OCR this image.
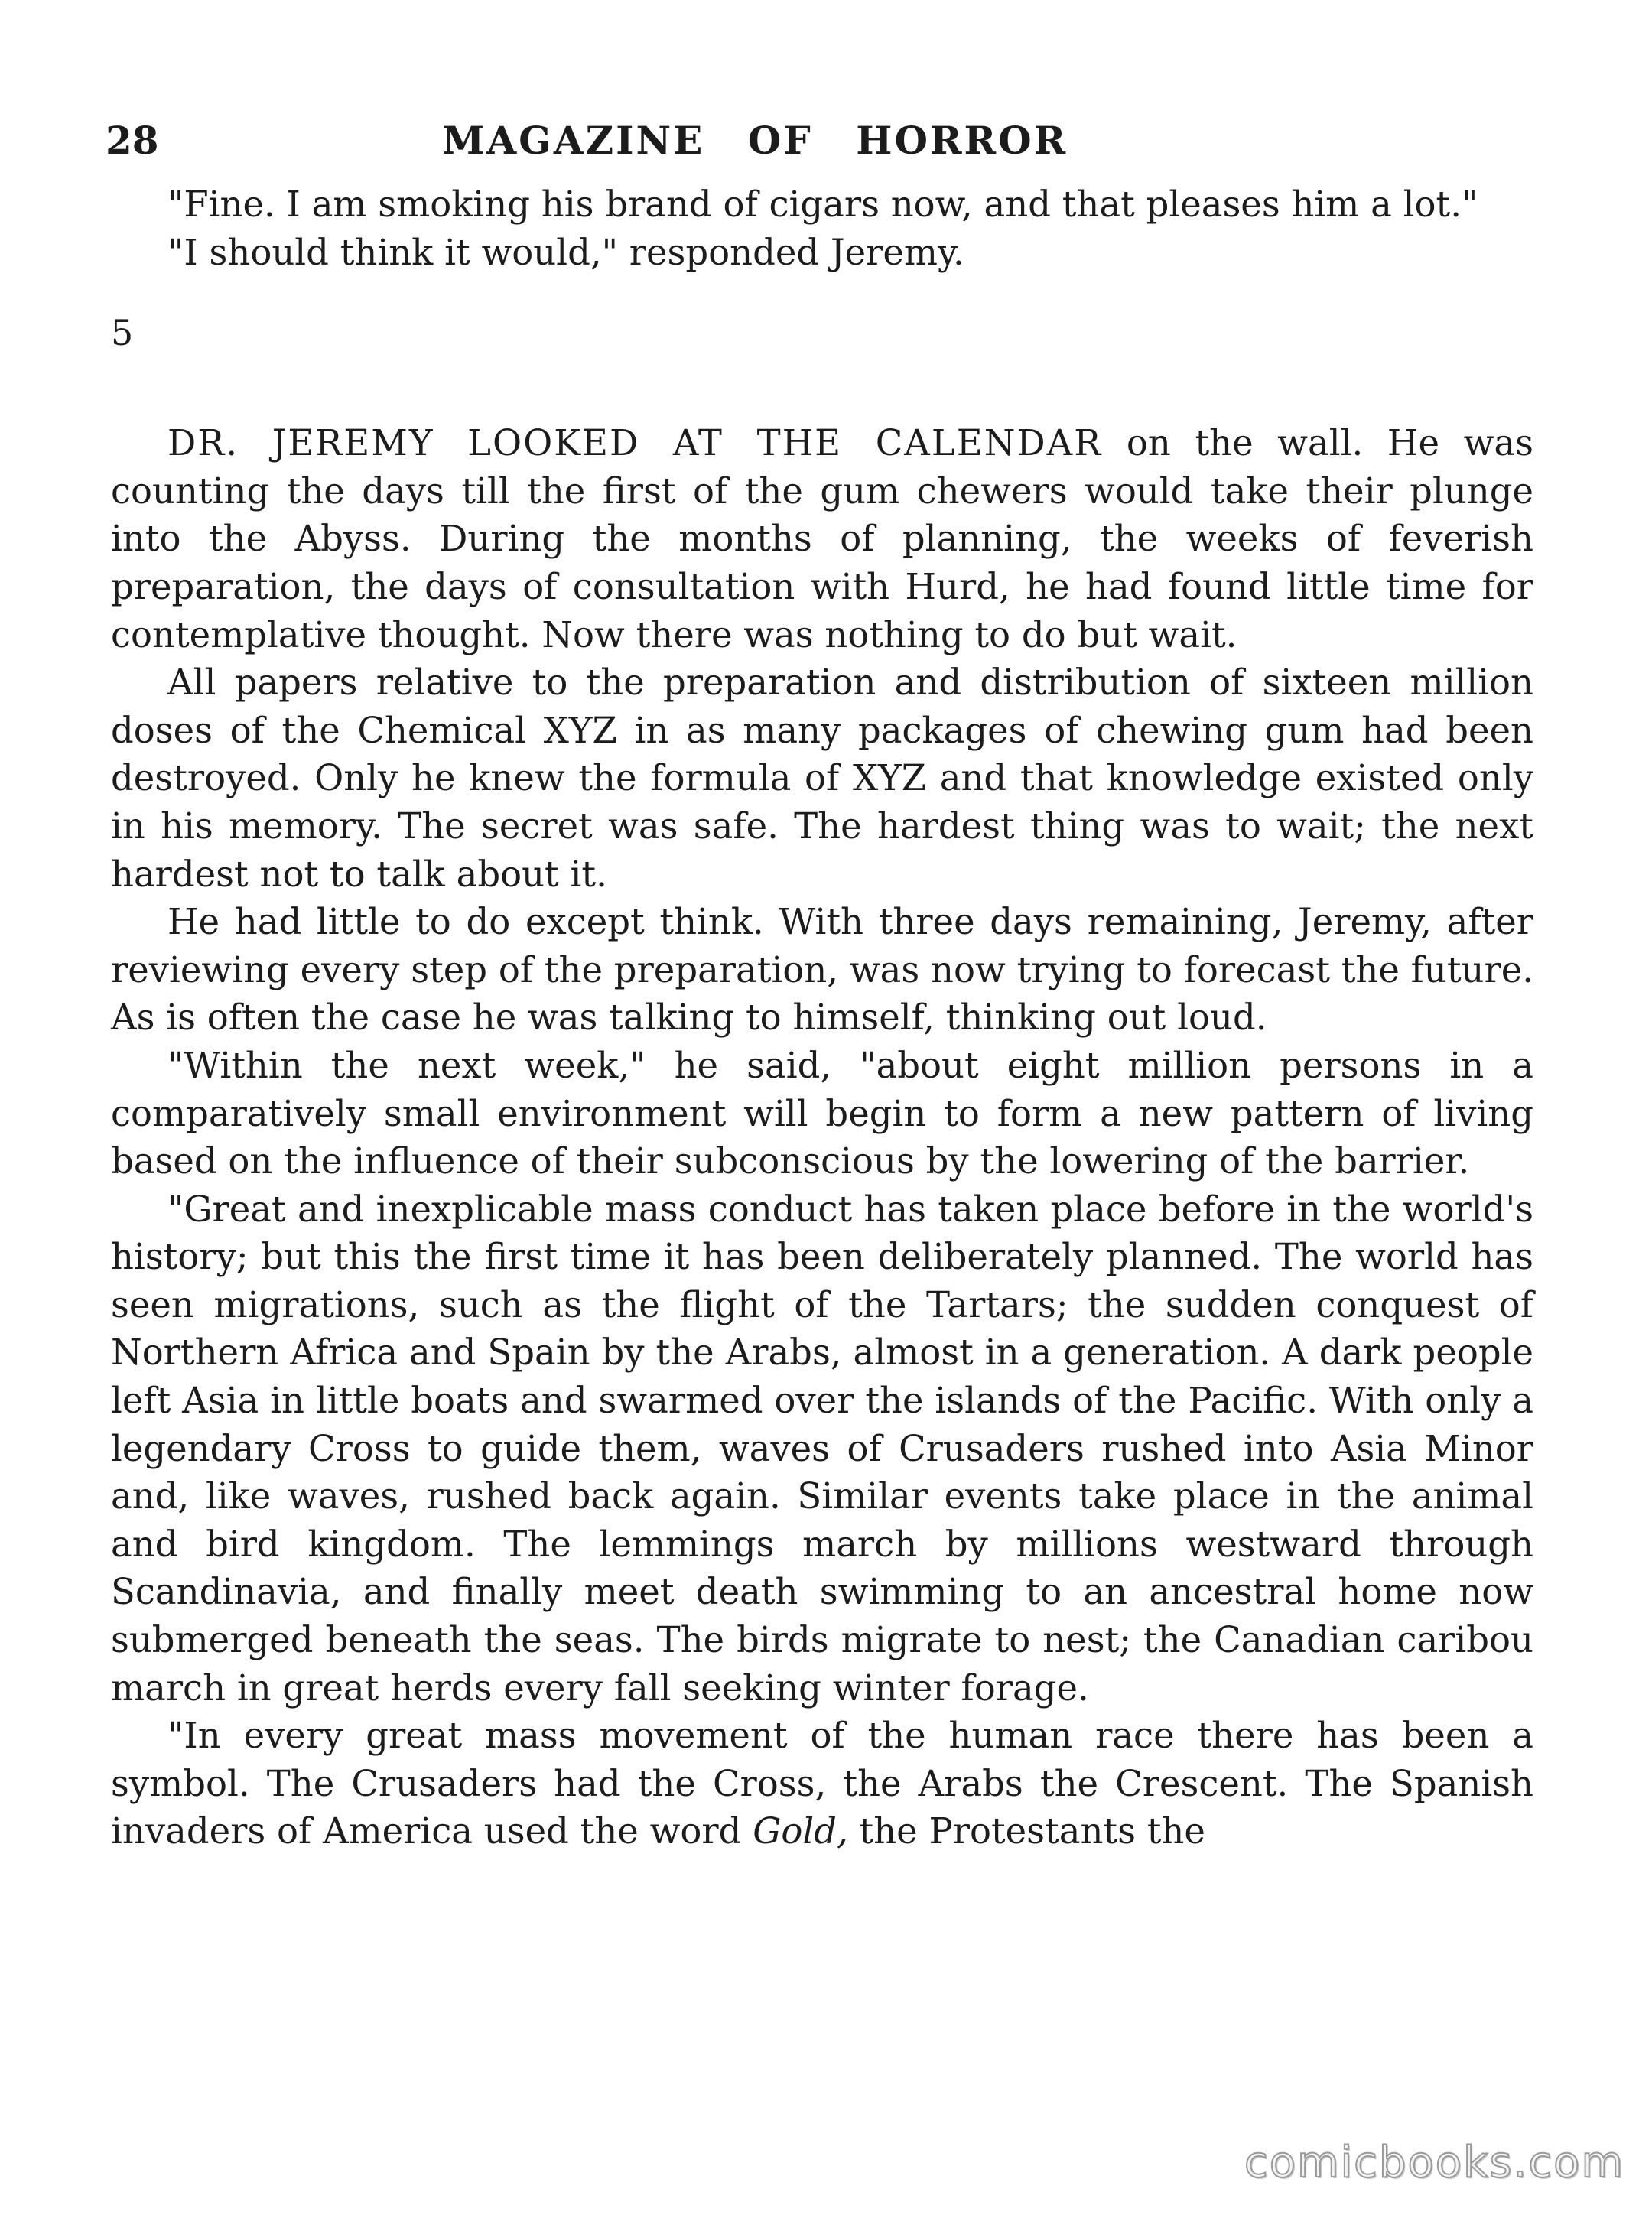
28	MAGAZINE OF HORROR

"Fine. I am smoking his brand of cigars now, and that pleases him a lot."

"I should think it would," responded Jeremy.

5

DR. JEREMY LOOKED AT THE CALENDAR on the wall. He was counting the days till the first of the gum chewers would take their plunge into the Abyss. During the months of planning, the weeks of feverish preparation, the days of consultation with Hurd, he had found little time for contemplative thought. Now there was nothing to do but wait.

All papers relative to the preparation and distribution of sixteen million doses of the Chemical XYZ in as many packages of chewing gum had been destroyed. Only he knew the formula of XYZ and that knowledge existed only in his memory. The secret was safe. The hardest thing was to wait; the next hardest not to talk about it.

He had little to do except think. With three days remaining, Jeremy, after reviewing every step of the preparation, was now trying to forecast the future. As is often the case he was talking to himself, thinking out loud.

"Within the next week," he said, "about eight million persons in a comparatively small environment will begin to form a new pattern of living based on the influence of their subconscious by the lowering of the barrier.

"Great and inexplicable mass conduct has taken place before in the world's history; but this the first time it has been deliberately planned. The world has seen migrations, such as the flight of the Tartars; the sudden conquest of Northern Africa and Spain by the Arabs, almost in a generation. A dark people left Asia in little boats and swarmed over the islands of the Pacific. With only a legendary Cross to guide them, waves of Crusaders rushed into Asia Minor and, like waves, rushed back again. Similar events take place in the animal and bird kingdom. The lemmings march by millions westward through Scandinavia, and finally meet death swimming to an ancestral home now submerged beneath the seas. The birds migrate to nest; the Canadian caribou march in great herds every fall seeking winter forage.

"In every great mass movement of the human race there has been a symbol. The Crusaders had the Cross, the Arabs the Crescent. The Spanish invaders of America used the word Gold, the Protestants the

comicbooks.com
